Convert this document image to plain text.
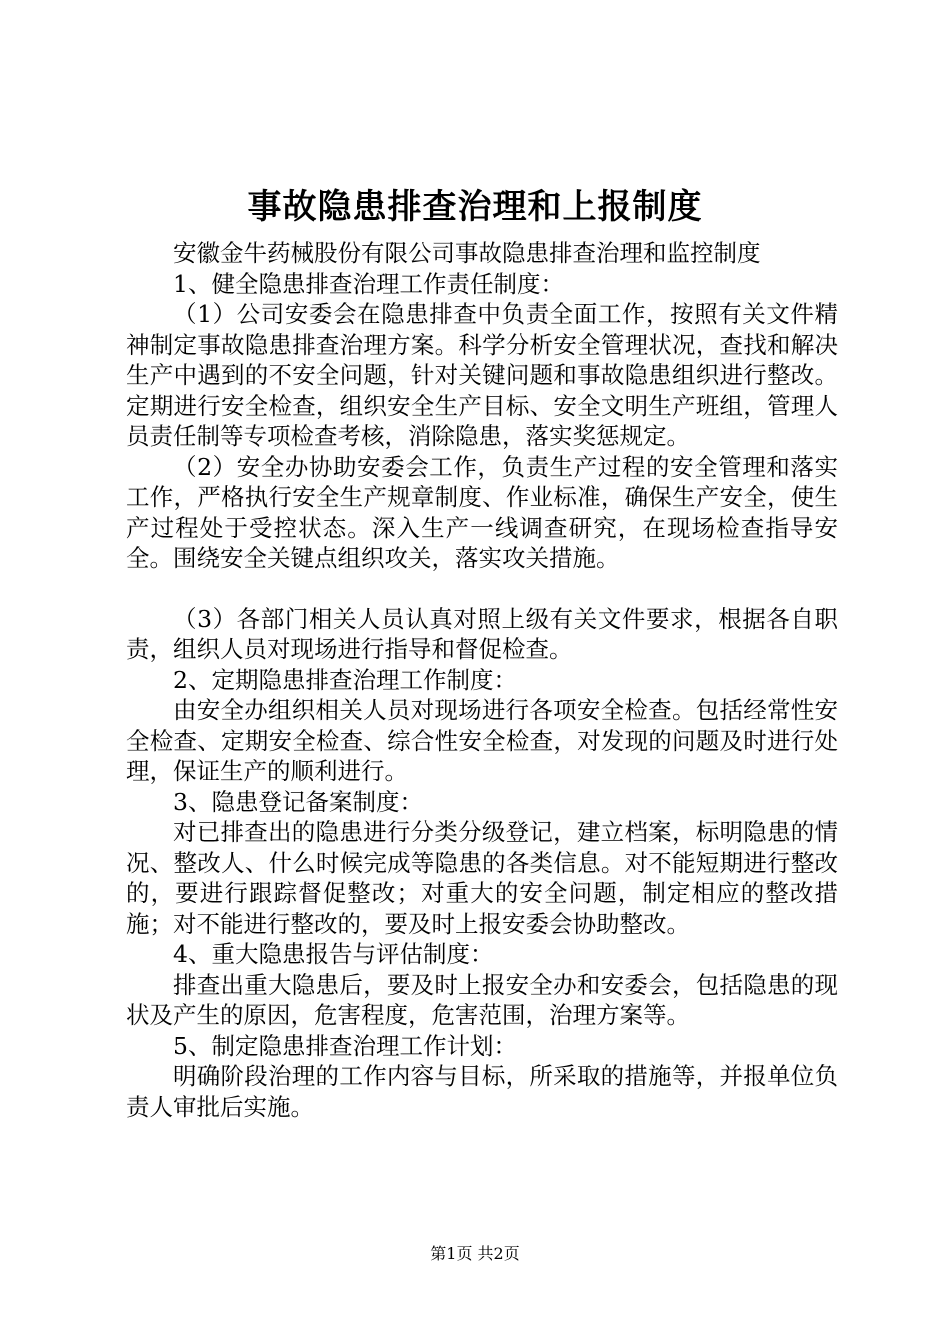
事故隐患排查治理和上报制度

安徽金牛药械股份有限公司事故隐患排查治理和监控制度

1、健全隐患排查治理工作责任制度：

（1）公司安委会在隐患排查中负责全面工作，按照有关文件精神制定事故隐患排查治理方案。科学分析安全管理状况，查找和解决生产中遇到的不安全问题，针对关键问题和事故隐患组织进行整改。定期进行安全检查，组织安全生产目标、安全文明生产班组，管理人员责任制等专项检查考核，消除隐患，落实奖惩规定。

（2）安全办协助安委会工作，负责生产过程的安全管理和落实工作，严格执行安全生产规章制度、作业标准，确保生产安全，使生产过程处于受控状态。深入生产一线调查研究，在现场检查指导安全。围绕安全关键点组织攻关，落实攻关措施。

（3）各部门相关人员认真对照上级有关文件要求，根据各自职责，组织人员对现场进行指导和督促检查。

2、定期隐患排查治理工作制度：

由安全办组织相关人员对现场进行各项安全检查。包括经常性安全检查、定期安全检查、综合性安全检查，对发现的问题及时进行处理，保证生产的顺利进行。

3、隐患登记备案制度：

对已排查出的隐患进行分类分级登记，建立档案，标明隐患的情况、整改人、什么时候完成等隐患的各类信息。对不能短期进行整改的，要进行跟踪督促整改；对重大的安全问题，制定相应的整改措施；对不能进行整改的，要及时上报安委会协助整改。

4、重大隐患报告与评估制度：

排查出重大隐患后，要及时上报安全办和安委会，包括隐患的现状及产生的原因，危害程度，危害范围，治理方案等。

5、制定隐患排查治理工作计划：

明确阶段治理的工作内容与目标，所采取的措施等，并报单位负责人审批后实施。

第1页 共2页
